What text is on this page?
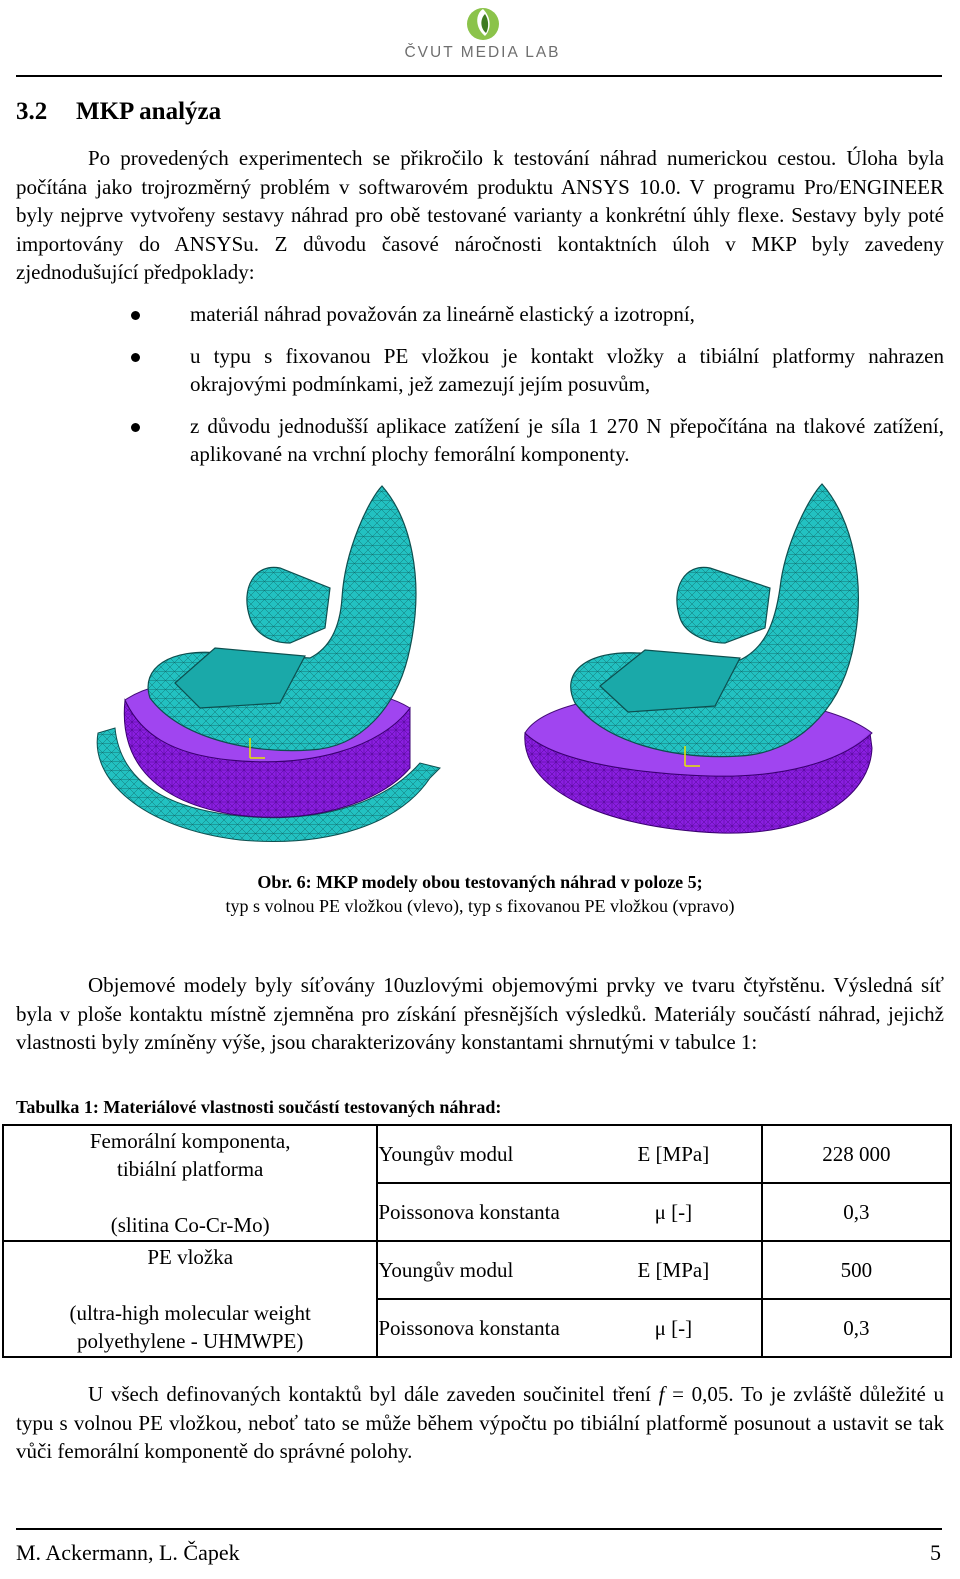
ČVUT MEDIA LAB
3.2 MKP analýza

Po provedených experimentech se přikročilo k testování náhrad numerickou cestou. Úloha byla počítána jako trojrozměrný problém v softwarovém produktu ANSYS 10.0. V programu Pro/ENGINEER byly nejprve vytvořeny sestavy náhrad pro obě testované varianty a konkrétní úhly flexe. Sestavy byly poté importovány do ANSYSu. Z důvodu časové náročnosti kontaktních úloh v MKP byly zavedeny zjednodušující předpoklady:

materiál náhrad považován za lineárně elastický a izotropní,
u typu s fixovanou PE vložkou je kontakt vložky a tibiální platformy nahrazen okrajovými podmínkami, jež zamezují jejím posuvům,
z důvodu jednodušší aplikace zatížení je síla 1 270 N přepočítána na tlakové zatížení, aplikované na vrchní plochy femorální komponenty.
Obr. 6: MKP modely obou testovaných náhrad v poloze 5;
typ s volnou PE vložkou (vlevo), typ s fixovanou PE vložkou (vpravo)

Objemové modely byly síťovány 10uzlovými objemovými prvky ve tvaru čtyřstěnu. Výsledná síť byla v ploše kontaktu místně zjemněna pro získání přesnějších výsledků. Materiály součástí náhrad, jejichž vlastnosti byly zmíněny výše, jsou charakterizovány konstantami shrnutými v tabulce 1:

Tabulka 1: Materiálové vlastnosti součástí testovaných náhrad:
Femorální komponenta,
tibiální platforma
(slitina Co-Cr-Mo)	Youngův modul E [MPa]	228 000
	Poissonova konstanta μ [-]	0,3

PE vložka
(ultra-high molecular weight
polyethylene - UHMWPE)	Youngův modul E [MPa]	500
	Poissonova konstanta μ [-]	0,3

U všech definovaných kontaktů byl dále zaveden součinitel tření f = 0,05. To je zvláště důležité u typu s volnou PE vložkou, neboť tato se může během výpočtu po tibiální platformě posunout a ustavit se tak vůči femorální komponentě do správné polohy.

M. Ackermann, L. Čapek	5
